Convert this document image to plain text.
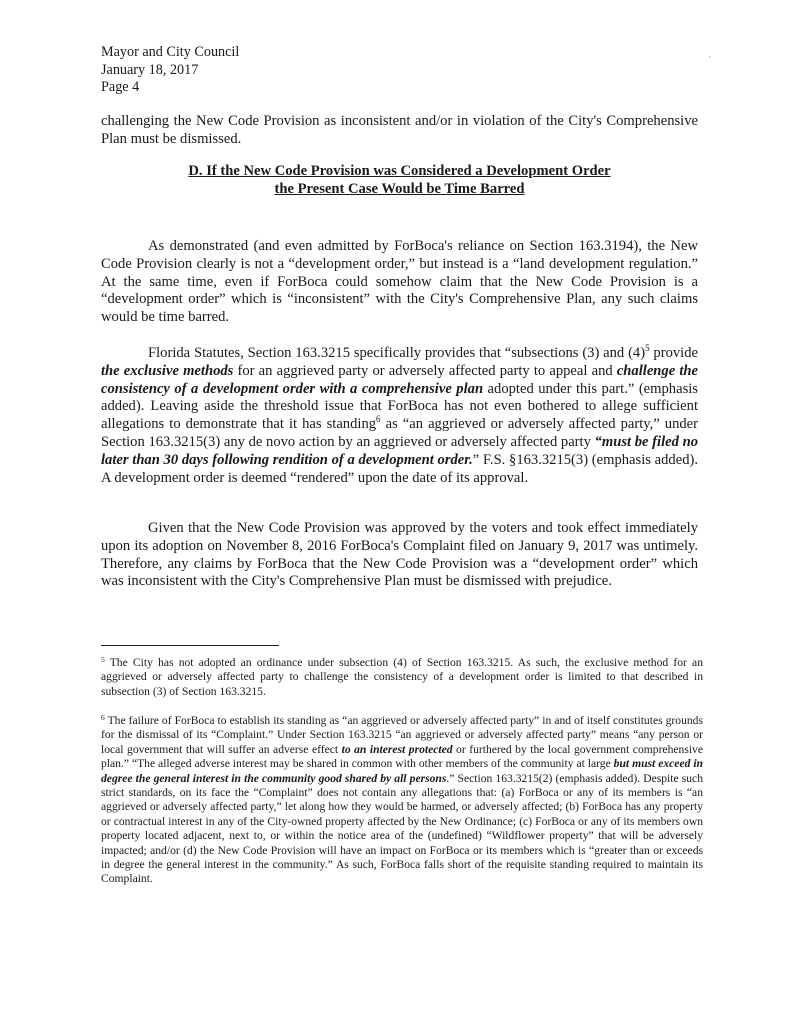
Mayor and City Council
January 18, 2017
Page 4
·

challenging the New Code Provision as inconsistent and/or in violation of the City's Comprehensive Plan must be dismissed.

D. If the New Code Provision was Considered a Development Order
the Present Case Would be Time Barred

As demonstrated (and even admitted by ForBoca's reliance on Section 163.3194), the New Code Provision clearly is not a “development order,” but instead is a “land development regulation.” At the same time, even if ForBoca could somehow claim that the New Code Provision is a “development order” which is “inconsistent” with the City's Comprehensive Plan, any such claims would be time barred.

Florida Statutes, Section 163.3215 specifically provides that “subsections (3) and $(4)^5$ provide the exclusive methods for an aggrieved party or adversely affected party to appeal and challenge the consistency of a development order with a comprehensive plan adopted under this part.” (emphasis added). Leaving aside the threshold issue that ForBoca has not even bothered to allege sufficient allegations to demonstrate that it has standing$^6$ as “an aggrieved or adversely affected party,” under Section 163.3215(3) any de novo action by an aggrieved or adversely affected party “must be filed no later than 30 days following rendition of a development order.” F.S. §163.3215(3) (emphasis added). A development order is deemed “rendered” upon the date of its approval.

Given that the New Code Provision was approved by the voters and took effect immediately upon its adoption on November 8, 2016 ForBoca's Complaint filed on January 9, 2017 was untimely. Therefore, any claims by ForBoca that the New Code Provision was a “development order” which was inconsistent with the City's Comprehensive Plan must be dismissed with prejudice.

$^5$ The City has not adopted an ordinance under subsection (4) of Section 163.3215. As such, the exclusive method for an aggrieved or adversely affected party to challenge the consistency of a development order is limited to that described in subsection (3) of Section 163.3215.

$^6$ The failure of ForBoca to establish its standing as “an aggrieved or adversely affected party” in and of itself constitutes grounds for the dismissal of its “Complaint.” Under Section 163.3215 “an aggrieved or adversely affected party” means “any person or local government that will suffer an adverse effect to an interest protected or furthered by the local government comprehensive plan.” “The alleged adverse interest may be shared in common with other members of the community at large but must exceed in degree the general interest in the community good shared by all persons.” Section 163.3215(2) (emphasis added). Despite such strict standards, on its face the “Complaint” does not contain any allegations that: (a) ForBoca or any of its members is “an aggrieved or adversely affected party,” let along how they would be harmed, or adversely affected; (b) ForBoca has any property or contractual interest in any of the City-owned property affected by the New Ordinance; (c) ForBoca or any of its members own property located adjacent, next to, or within the notice area of the (undefined) “Wildflower property” that will be adversely impacted; and/or (d) the New Code Provision will have an impact on ForBoca or its members which is “greater than or exceeds in degree the general interest in the community.” As such, ForBoca falls short of the requisite standing required to maintain its Complaint.
